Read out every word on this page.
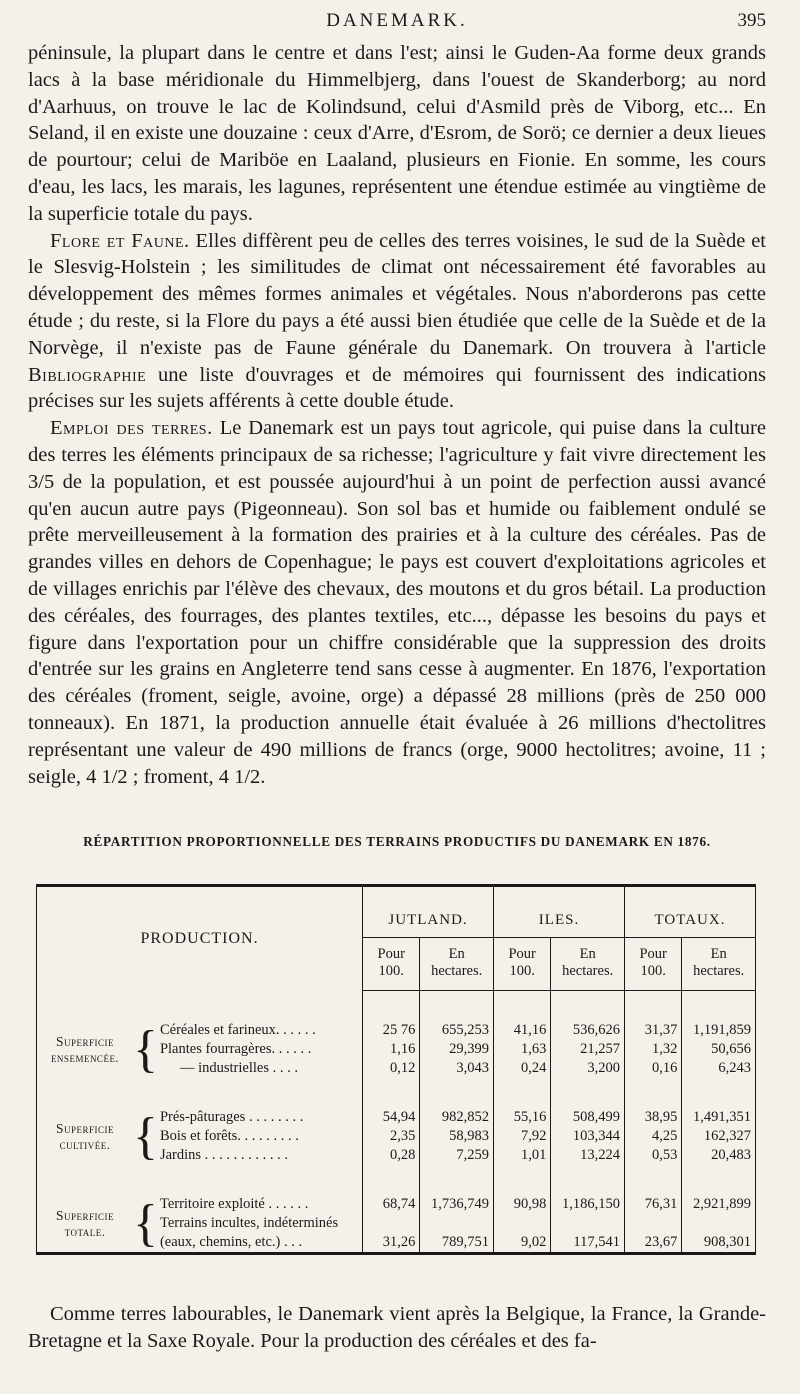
DANEMARK.	395

péninsule, la plupart dans le centre et dans l'est; ainsi le Guden-Aa forme deux grands lacs à la base méridionale du Himmelbjerg, dans l'ouest de Skanderborg; au nord d'Aarhuus, on trouve le lac de Kolindsund, celui d'Asmild près de Viborg, etc... En Seland, il en existe une douzaine : ceux d'Arre, d'Esrom, de Sorö; ce dernier a deux lieues de pourtour; celui de Mariböe en Laaland, plusieurs en Fionie. En somme, les cours d'eau, les lacs, les marais, les lagunes, représentent une étendue estimée au vingtième de la superficie totale du pays.

Flore et Faune. Elles diffèrent peu de celles des terres voisines, le sud de la Suède et le Slesvig-Holstein ; les similitudes de climat ont nécessairement été favorables au développement des mêmes formes animales et végétales. Nous n'aborderons pas cette étude ; du reste, si la Flore du pays a été aussi bien étudiée que celle de la Suède et de la Norvège, il n'existe pas de Faune générale du Danemark. On trouvera à l'article Bibliographie une liste d'ouvrages et de mémoires qui fournissent des indications précises sur les sujets afférents à cette double étude.

Emploi des terres. Le Danemark est un pays tout agricole, qui puise dans la culture des terres les éléments principaux de sa richesse; l'agriculture y fait vivre directement les 3/5 de la population, et est poussée aujourd'hui à un point de perfection aussi avancé qu'en aucun autre pays (Pigeonneau). Son sol bas et humide ou faiblement ondulé se prête merveilleusement à la formation des prairies et à la culture des céréales. Pas de grandes villes en dehors de Copenhague; le pays est couvert d'exploitations agricoles et de villages enrichis par l'élève des chevaux, des moutons et du gros bétail. La production des céréales, des fourrages, des plantes textiles, etc..., dépasse les besoins du pays et figure dans l'exportation pour un chiffre considérable que la suppression des droits d'entrée sur les grains en Angleterre tend sans cesse à augmenter. En 1876, l'exportation des céréales (froment, seigle, avoine, orge) a dépassé 28 millions (près de 250 000 tonneaux). En 1871, la production annuelle était évaluée à 26 millions d'hectolitres représentant une valeur de 490 millions de francs (orge, 9000 hectolitres; avoine, 11 ; seigle, 4 1/2 ; froment, 4 1/2.

RÉPARTITION PROPORTIONNELLE DES TERRAINS PRODUCTIFS DU DANEMARK EN 1876.
PRODUCTION.			JUTLAND.		ILES.		TOTAUX.	
			Pour 100.	En hectares.	Pour 100.	En hectares.	Pour 100.	En hectares.
Superficie
ensemencée.	{	Céréales et farineux. . . . . .	25 76	655,253	41,16	536,626	31,37	1,191,859
		Plantes fourragères. . . . . .	1,16	29,399	1,63	21,257	1,32	50,656
		— industrielles . . . .	0,12	3,043	0,24	3,200	0,16	6,243
Superficie
cultivée.	{	Prés-pâturages . . . . . . . .	54,94	982,852	55,16	508,499	38,95	1,491,351
		Bois et forêts. . . . . . . . .	2,35	58,983	7,92	103,344	4,25	162,327
		Jardins . . . . . . . . . . . .	0,28	7,259	1,01	13,224	0,53	20,483
Superficie
totale.	{	Territoire exploité . . . . . .	68,74	1,736,749	90,98	1,186,150	76,31	2,921,899
		Terrains incultes, indéterminés						
		(eaux, chemins, etc.) . . .	31,26	789,751	9,02	117,541	23,67	908,301

Comme terres labourables, le Danemark vient après la Belgique, la France, la Grande-Bretagne et la Saxe Royale. Pour la production des céréales et des fa-
